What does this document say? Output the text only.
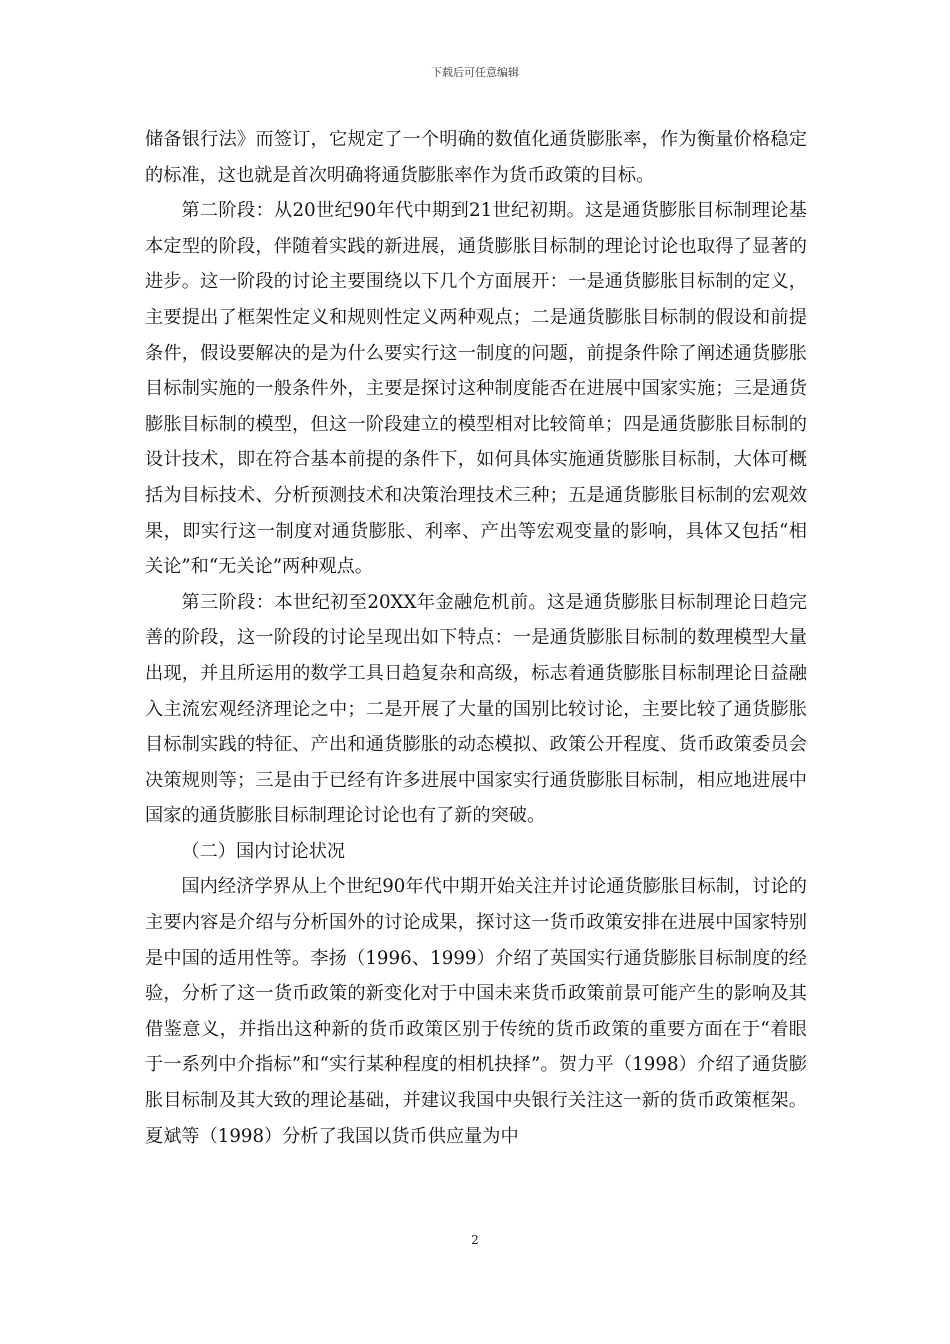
下载后可任意编辑

储备银行法》而签订，它规定了一个明确的数值化通货膨胀率，作为衡量价格稳定的标准，这也就是首次明确将通货膨胀率作为货币政策的目标。

第二阶段：从20世纪90年代中期到21世纪初期。这是通货膨胀目标制理论基本定型的阶段，伴随着实践的新进展，通货膨胀目标制的理论讨论也取得了显著的进步。这一阶段的讨论主要围绕以下几个方面展开：一是通货膨胀目标制的定义，主要提出了框架性定义和规则性定义两种观点；二是通货膨胀目标制的假设和前提条件，假设要解决的是为什么要实行这一制度的问题，前提条件除了阐述通货膨胀目标制实施的一般条件外，主要是探讨这种制度能否在进展中国家实施；三是通货膨胀目标制的模型，但这一阶段建立的模型相对比较简单；四是通货膨胀目标制的设计技术，即在符合基本前提的条件下，如何具体实施通货膨胀目标制，大体可概括为目标技术、分析预测技术和决策治理技术三种；五是通货膨胀目标制的宏观效果，即实行这一制度对通货膨胀、利率、产出等宏观变量的影响，具体又包括“相关论”和“无关论”两种观点。

第三阶段：本世纪初至20XX年金融危机前。这是通货膨胀目标制理论日趋完善的阶段，这一阶段的讨论呈现出如下特点：一是通货膨胀目标制的数理模型大量出现，并且所运用的数学工具日趋复杂和高级，标志着通货膨胀目标制理论日益融入主流宏观经济理论之中；二是开展了大量的国别比较讨论，主要比较了通货膨胀目标制实践的特征、产出和通货膨胀的动态模拟、政策公开程度、货币政策委员会决策规则等；三是由于已经有许多进展中国家实行通货膨胀目标制，相应地进展中国家的通货膨胀目标制理论讨论也有了新的突破。

（二）国内讨论状况

国内经济学界从上个世纪90年代中期开始关注并讨论通货膨胀目标制，讨论的主要内容是介绍与分析国外的讨论成果，探讨这一货币政策安排在进展中国家特别是中国的适用性等。李扬（1996、1999）介绍了英国实行通货膨胀目标制度的经验，分析了这一货币政策的新变化对于中国未来货币政策前景可能产生的影响及其借鉴意义，并指出这种新的货币政策区别于传统的货币政策的重要方面在于“着眼于一系列中介指标”和“实行某种程度的相机抉择”。贺力平（1998）介绍了通货膨胀目标制及其大致的理论基础，并建议我国中央银行关注这一新的货币政策框架。夏斌等（1998）分析了我国以货币供应量为中

2
